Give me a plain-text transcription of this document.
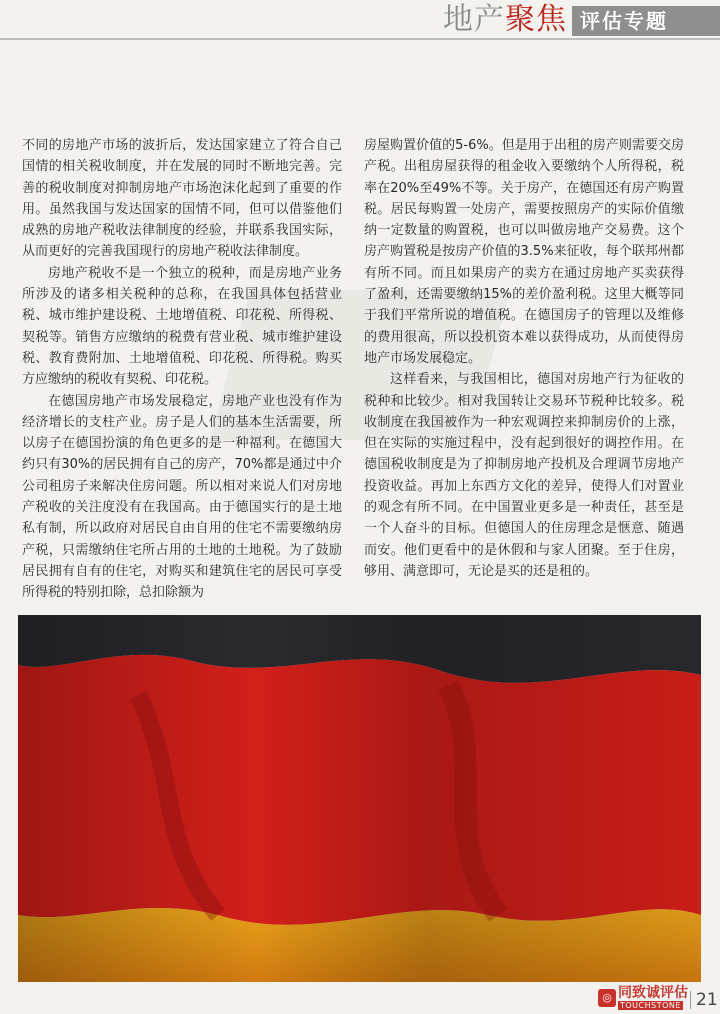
地产聚焦 评估专题

不同的房地产市场的波折后，发达国家建立了符合自己国情的相关税收制度，并在发展的同时不断地完善。完善的税收制度对抑制房地产市场泡沫化起到了重要的作用。虽然我国与发达国家的国情不同，但可以借鉴他们成熟的房地产税收法律制度的经验，并联系我国实际，从而更好的完善我国现行的房地产税收法律制度。

房地产税收不是一个独立的税种，而是房地产业务所涉及的诸多相关税种的总称，在我国具体包括营业税、城市维护建设税、土地增值税、印花税、所得税、契税等。销售方应缴纳的税费有营业税、城市维护建设税、教育费附加、土地增值税、印花税、所得税。购买方应缴纳的税收有契税、印花税。

在德国房地产市场发展稳定，房地产业也没有作为经济增长的支柱产业。房子是人们的基本生活需要，所以房子在德国扮演的角色更多的是一种福利。在德国大约只有30%的居民拥有自己的房产，70%都是通过中介公司租房子来解决住房问题。所以相对来说人们对房地产税收的关注度没有在我国高。由于德国实行的是土地私有制，所以政府对居民自由自用的住宅不需要缴纳房产税，只需缴纳住宅所占用的土地的土地税。为了鼓励居民拥有自有的住宅，对购买和建筑住宅的居民可享受所得税的特别扣除，总扣除额为

房屋购置价值的5-6%。但是用于出租的房产则需要交房产税。出租房屋获得的租金收入要缴纳个人所得税，税率在20%至49%不等。关于房产，在德国还有房产购置税。居民每购置一处房产，需要按照房产的实际价值缴纳一定数量的购置税，也可以叫做房地产交易费。这个房产购置税是按房产价值的3.5%来征收，每个联邦州都有所不同。而且如果房产的卖方在通过房地产买卖获得了盈利，还需要缴纳15%的差价盈利税。这里大概等同于我们平常所说的增值税。在德国房子的管理以及维修的费用很高，所以投机资本难以获得成功，从而使得房地产市场发展稳定。

这样看来，与我国相比，德国对房地产行为征收的税种和比较少。相对我国转让交易环节税种比较多。税收制度在我国被作为一种宏观调控来抑制房价的上涨，但在实际的实施过程中，没有起到很好的调控作用。在德国税收制度是为了抑制房地产投机及合理调节房地产投资收益。再加上东西方文化的差异，使得人们对置业的观念有所不同。在中国置业更多是一种责任，甚至是一个人奋斗的目标。但德国人的住房理念是惬意、随遇而安。他们更看中的是休假和与家人团聚。至于住房，够用、满意即可，无论是买的还是租的。

◎ 同致诚评估
TOUCHSTONE 21
